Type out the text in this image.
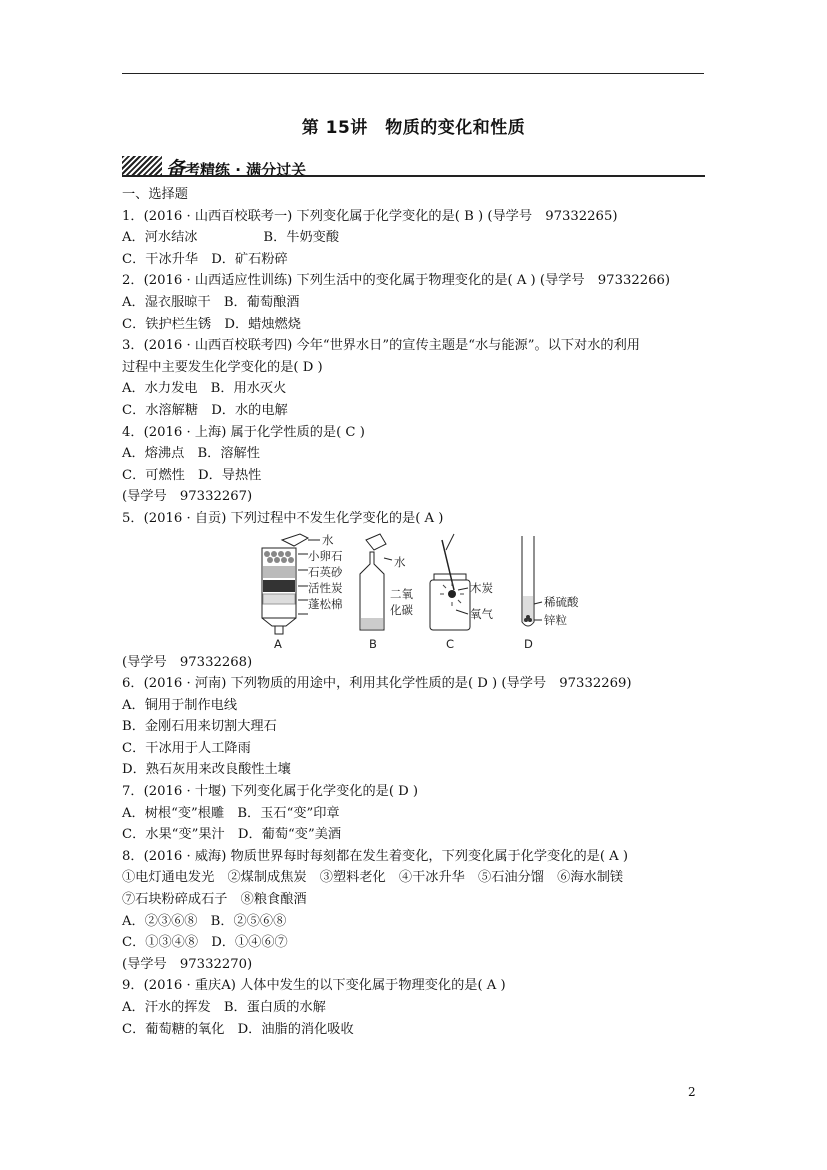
第 15讲　物质的变化和性质
备考精练 · 满分过关
一、选择题
1．(2016 · 山西百校联考一) 下列变化属于化学变化的是( B ) (导学号　97332265)
A．河水结冰　　　　　B．牛奶变酸
C．干冰升华　D．矿石粉碎
2．(2016 · 山西适应性训练) 下列生活中的变化属于物理变化的是( A ) (导学号　97332266)
A．湿衣服晾干　B．葡萄酿酒
C．铁护栏生锈　D．蜡烛燃烧
3．(2016 · 山西百校联考四) 今年“世界水日”的宣传主题是“水与能源”。以下对水的利用
过程中主要发生化学变化的是( D )
A．水力发电　B．用水灭火
C．水溶解糖　D．水的电解
4．(2016 · 上海) 属于化学性质的是( C )
A．熔沸点　B．溶解性
C．可燃性　D．导热性
(导学号　97332267)
5．(2016 · 自贡) 下列过程中不发生化学变化的是( A )
水
小卵石
石英砂
活性炭
蓬松棉
A
水
二氧
化碳
B
木炭
氧气
C
稀硫酸
锌粒
D
(导学号　97332268)
6．(2016 · 河南) 下列物质的用途中，利用其化学性质的是( D ) (导学号　97332269)
A．铜用于制作电线
B．金刚石用来切割大理石
C．干冰用于人工降雨
D．熟石灰用来改良酸性土壤
7．(2016 · 十堰) 下列变化属于化学变化的是( D )
A．树根“变”根雕　B．玉石“变”印章
C．水果“变”果汁　D．葡萄“变”美酒
8．(2016 · 威海) 物质世界每时每刻都在发生着变化，下列变化属于化学变化的是( A )
①电灯通电发光　②煤制成焦炭　③塑料老化　④干冰升华　⑤石油分馏　⑥海水制镁
⑦石块粉碎成石子　⑧粮食酿酒
A．②③⑥⑧　B．②⑤⑥⑧
C．①③④⑧　D．①④⑥⑦
(导学号　97332270)
9．(2016 · 重庆A) 人体中发生的以下变化属于物理变化的是( A )
A．汗水的挥发　B．蛋白质的水解
C．葡萄糖的氧化　D．油脂的消化吸收
2
